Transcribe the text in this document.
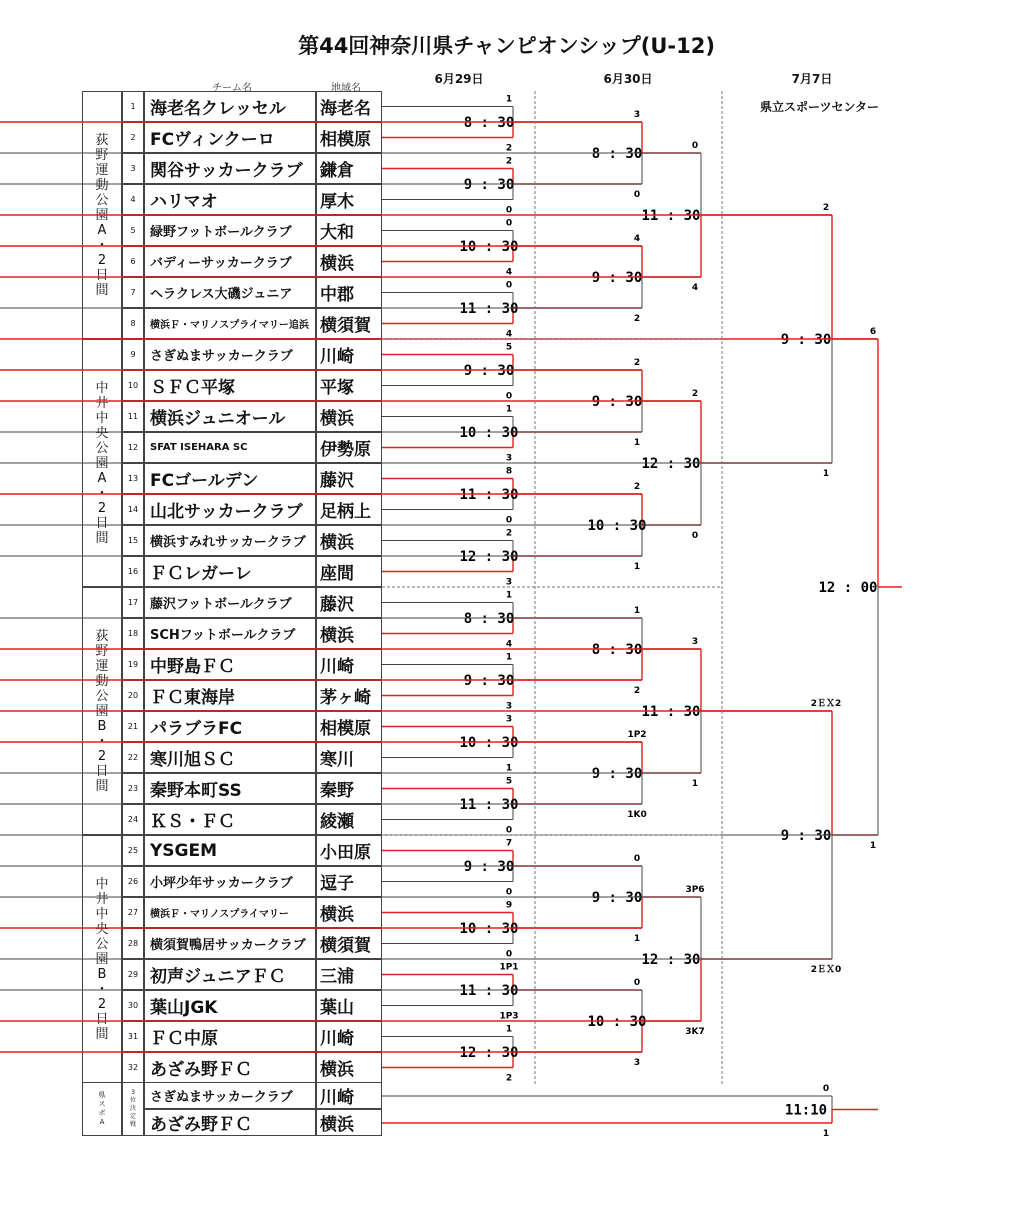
第44回神奈川県チャンピオンシップ(U-12)
チーム名	地域名
6月29日	6月30日	7月7日
県立スポーツセンター
荻
野
運
動
公
園
A
・
2
日
間
中
井
中
央
公
園
A
・
2
日
間
荻
野
運
動
公
園
B
・
2
日
間
中
井
中
央
公
園
B
・
2
日
間
1 海老名クレッセル	海老名
2 FCヴィンクーロ	相模原
3 関谷サッカークラブ	鎌倉
4 ハリマオ	厚木
5	緑野フットボールクラブ	大和
6	バディーサッカークラブ	横浜
7	ヘラクレス大磯ジュニア	中郡
8	横浜Ｆ・マリノスプライマリー追浜 横須賀
9	さぎぬまサッカークラブ	川崎
10 ＳＦＣ平塚	平塚
11 横浜ジュニオール	横浜
12	SFAT ISEHARA SC	伊勢原
13 FCゴールデン	藤沢
14 山北サッカークラブ	足柄上
15 横浜すみれサッカークラブ 横浜
16 ＦＣレガーレ	座間
17 藤沢フットボールクラブ	藤沢
18 SCHフットボールクラブ	横浜
19 中野島ＦＣ	川崎
20 ＦＣ東海岸	茅ヶ崎
21 パラブラFC	相模原
22 寒川旭ＳＣ	寒川
23 秦野本町SS	秦野
24 ＫＳ・ＦＣ	綾瀬
25 YSGEM	小田原
26 小坪少年サッカークラブ	逗子
27	横浜Ｆ・マリノスプライマリー	横浜
28 横須賀鴨居サッカークラブ 横須賀
29 初声ジュニアＦＣ	三浦
30 葉山JGK	葉山
31 ＦＣ中原	川崎
32 あざみ野ＦＣ	横浜
県
ス
ポ
A
3
位
決
定
戦
さぎぬまサッカークラブ	川崎
あざみ野ＦＣ	横浜
1
2
8 : 30
2
0
9 : 30
0
4
10 : 30
0
4
11 : 30
5
0
9 : 30
1
3
10 : 30
8
0
11 : 30
2
3
12 : 30
1
4
8 : 30
1
3
9 : 30
3
1
10 : 30
5
0
11 : 30
7
0
9 : 30
9
0
10 : 30
1P1
1P3
11 : 30
1
2
12 : 30
3
0
8 : 30
4
2
9 : 30
2
1
9 : 30
2
1
10 : 30
1
2
8 : 30
1P2
1K0
9 : 30
0
1
9 : 30
0
3
10 : 30
0
4
11 : 30
2
0
12 : 30
3
1
11 : 30
3P6
3K7
12 : 30
2
1
9 : 30
2ＥＸ2
2ＥＸ0
9 : 30
6
1
12 : 00
0
1
11:10
